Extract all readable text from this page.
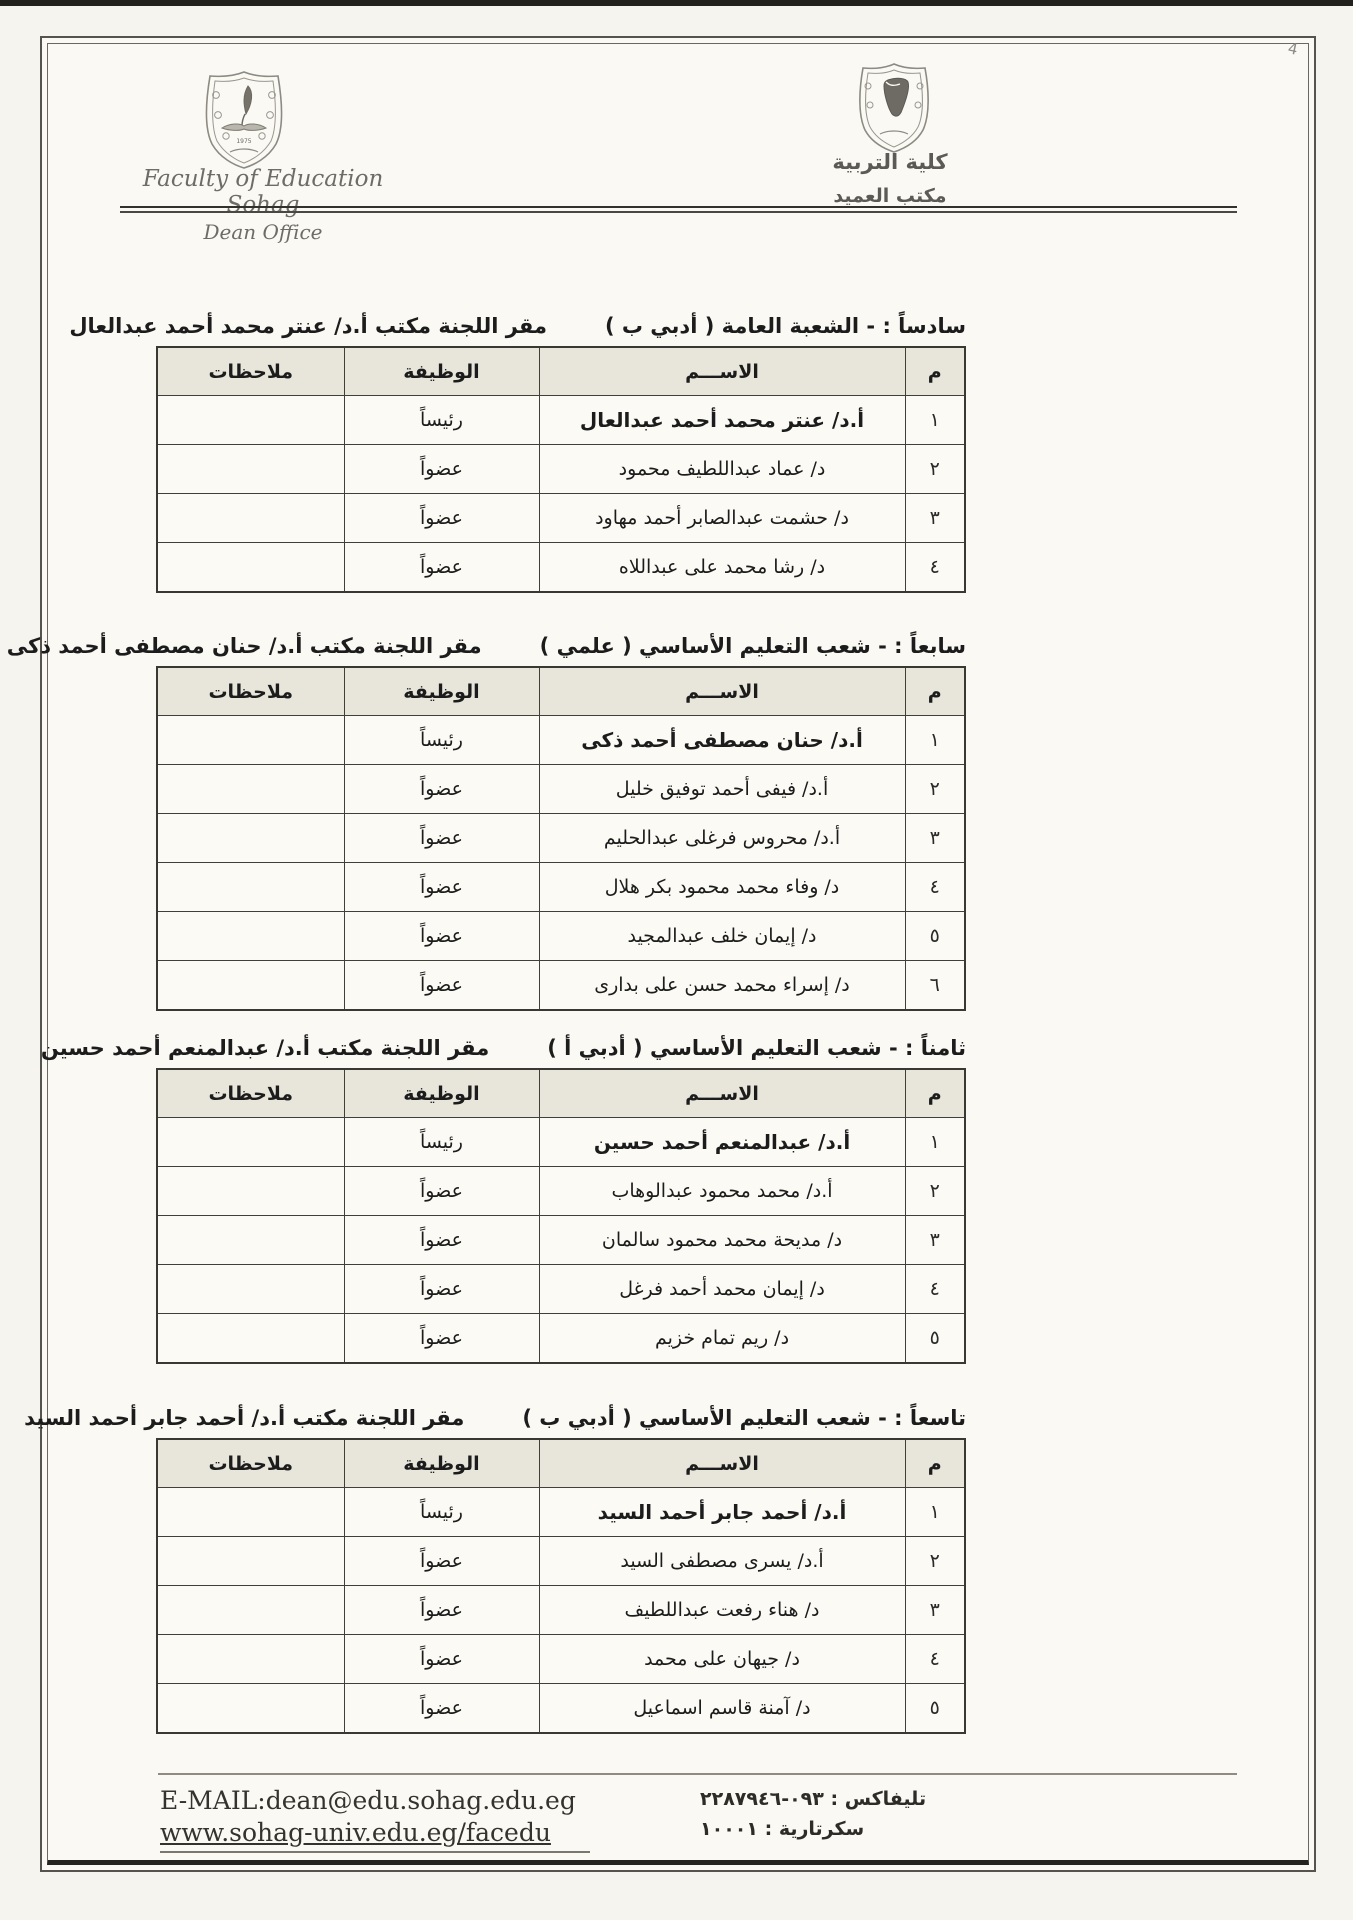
4
1975
Faculty of Education Sohag
Dean Office
كلية التربية
مكتب العميد
سادساً : - الشعبة العامة ( أدبي ب )
مقر اللجنة مكتب أ.د/ عنتر محمد أحمد عبدالعال
م	الاســـم	الوظيفة	ملاحظات
١	أ.د/ عنتر محمد أحمد عبدالعال	رئيساً	
٢	د/ عماد عبداللطيف محمود	عضواً	
٣	د/ حشمت عبدالصابر أحمد مهاود	عضواً	
٤	د/ رشا محمد على عبداللاه	عضواً	
سابعاً : - شعب التعليم الأساسي ( علمي )
مقر اللجنة مكتب أ.د/ حنان مصطفى أحمد ذكى
م	الاســـم	الوظيفة	ملاحظات
١	أ.د/ حنان مصطفى أحمد ذكى	رئيساً	
٢	أ.د/ فيفى أحمد توفيق خليل	عضواً	
٣	أ.د/ محروس فرغلى عبدالحليم	عضواً	
٤	د/ وفاء محمد محمود بكر هلال	عضواً	
٥	د/ إيمان خلف عبدالمجيد	عضواً	
٦	د/ إسراء محمد حسن على بدارى	عضواً	
ثامناً : - شعب التعليم الأساسي ( أدبي أ )
مقر اللجنة مكتب أ.د/ عبدالمنعم أحمد حسين
م	الاســـم	الوظيفة	ملاحظات
١	أ.د/ عبدالمنعم أحمد حسين	رئيساً	
٢	أ.د/ محمد محمود عبدالوهاب	عضواً	
٣	د/ مديحة محمد محمود سالمان	عضواً	
٤	د/ إيمان محمد أحمد فرغل	عضواً	
٥	د/ ريم تمام خزيم	عضواً	
تاسعاً : - شعب التعليم الأساسي ( أدبي ب )
مقر اللجنة مكتب أ.د/ أحمد جابر أحمد السيد
م	الاســـم	الوظيفة	ملاحظات
١	أ.د/ أحمد جابر أحمد السيد	رئيساً	
٢	أ.د/ يسرى مصطفى السيد	عضواً	
٣	د/ هناء رفعت عبداللطيف	عضواً	
٤	د/ جيهان على محمد	عضواً	
٥	د/ آمنة قاسم اسماعيل	عضواً	
E-MAIL:dean@edu.sohag.edu.eg
www.sohag-univ.edu.eg/facedu
تليفاكس : ٠٩٣-٢٢٨٧٩٤٦
سكرتارية : ١٠٠٠١
